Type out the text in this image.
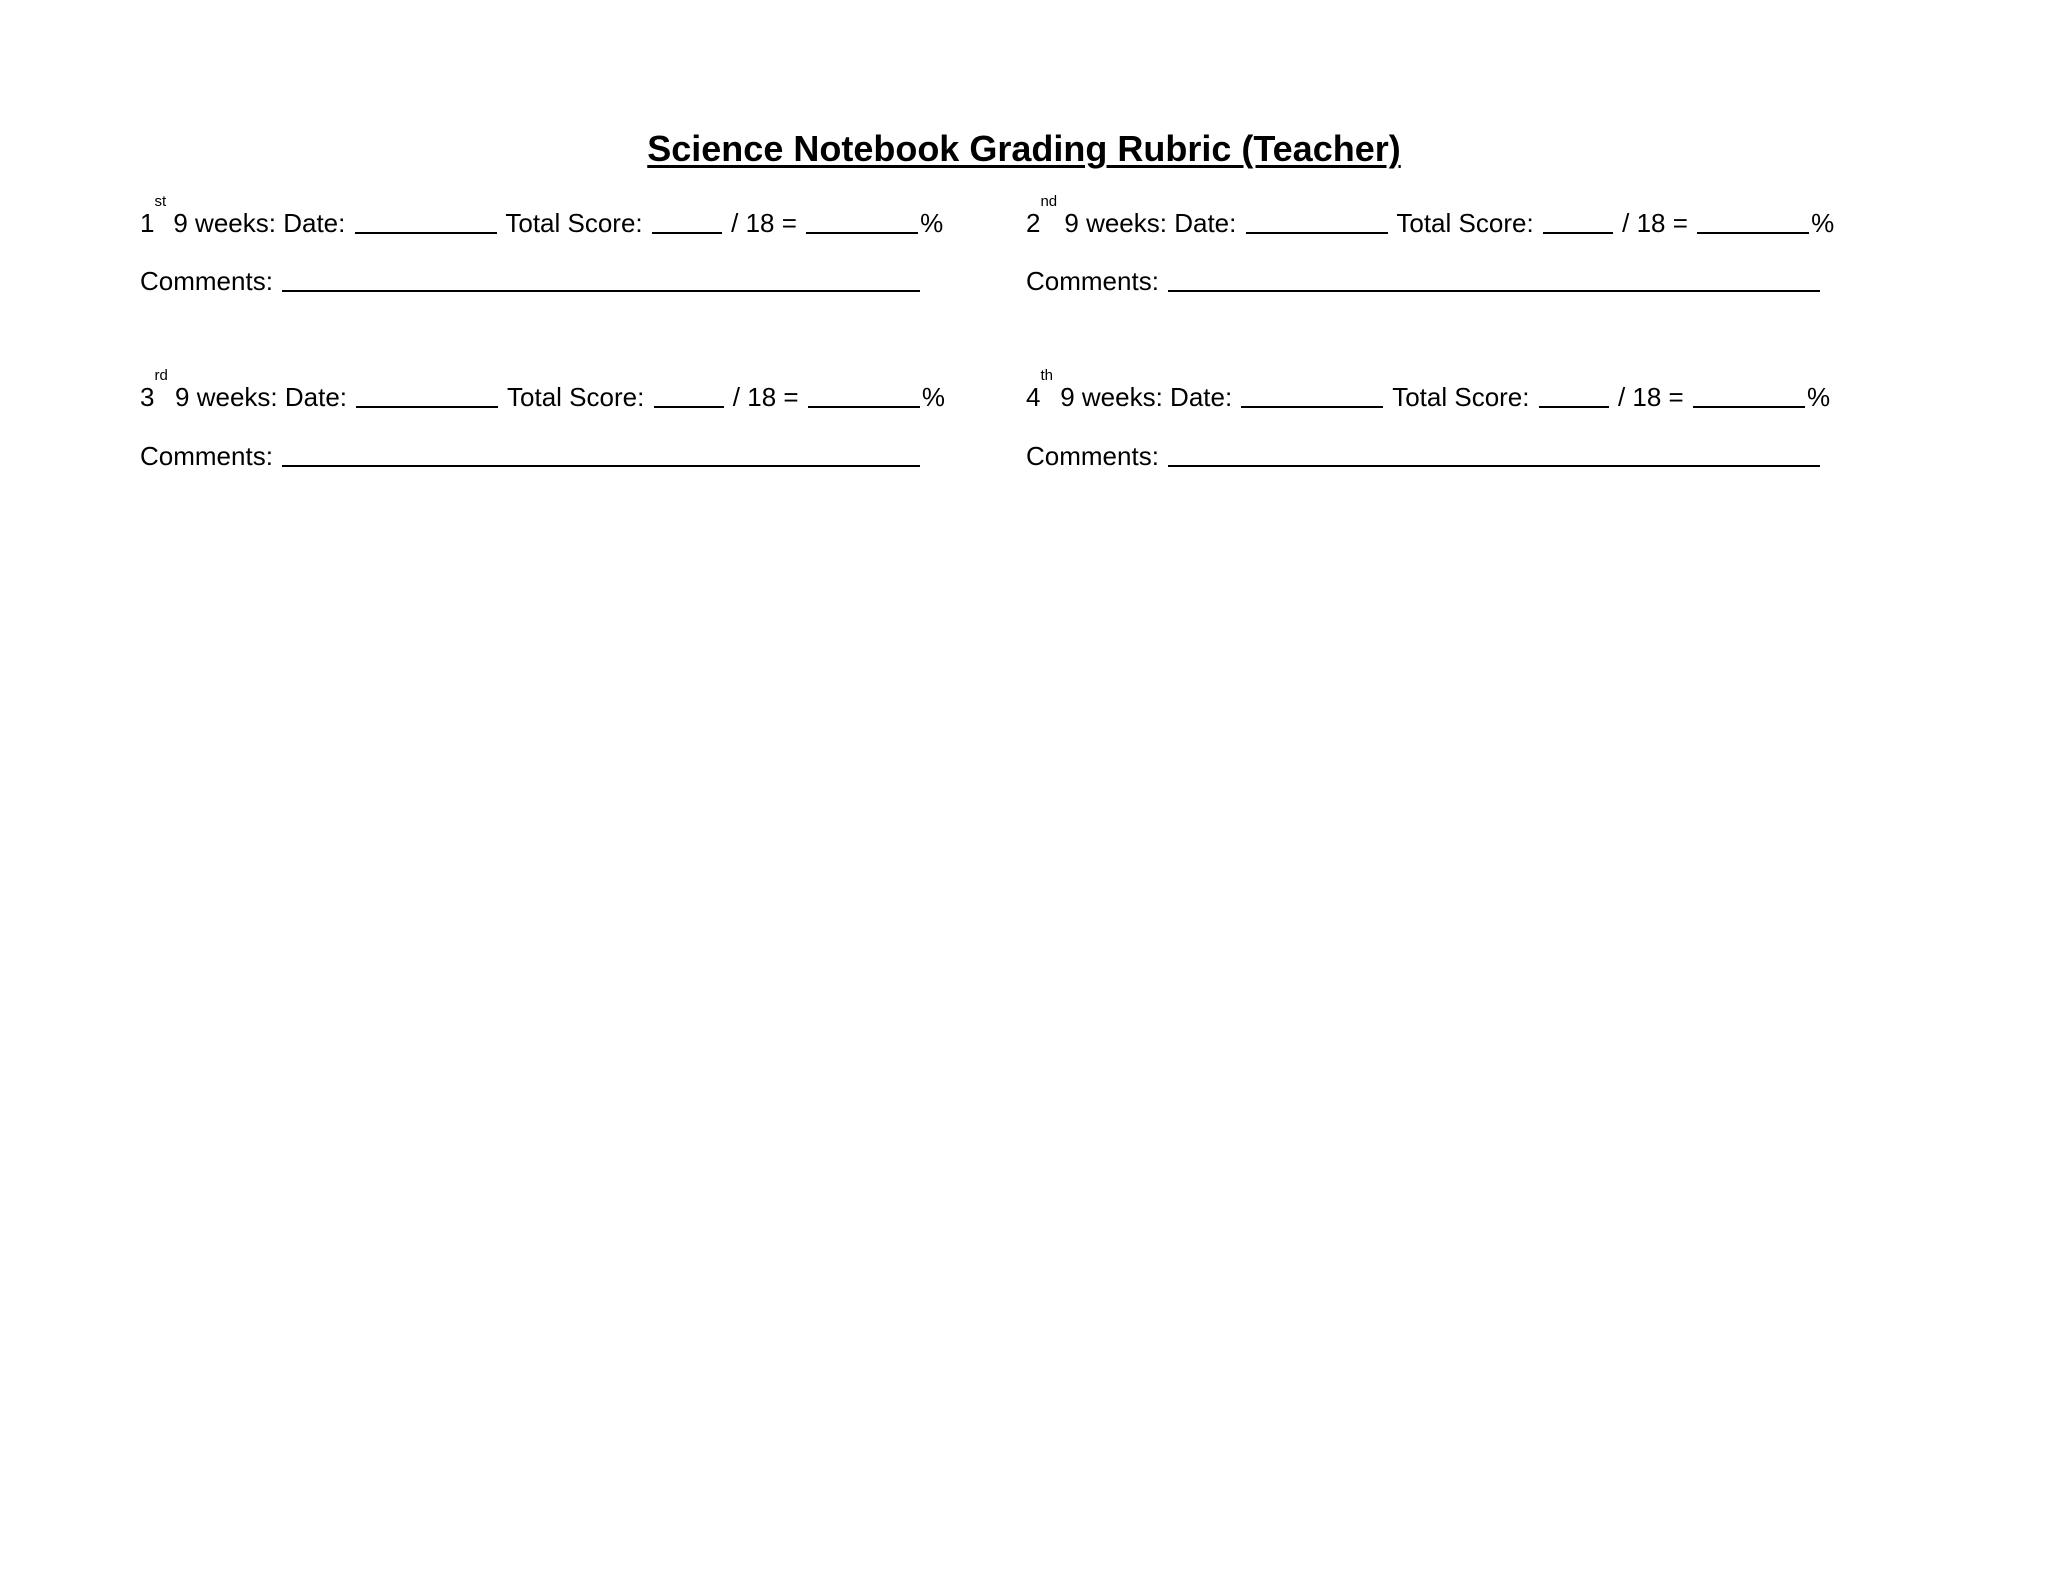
Science Notebook Grading Rubric (Teacher)
1st 9 weeks: Date:	Total Score:	/ 18 =	%
Comments:
2nd 9 weeks: Date:	Total Score:	/ 18 =	%
Comments:
3rd 9 weeks: Date:	Total Score:	/ 18 =	%
Comments:
4th 9 weeks: Date:	Total Score:	/ 18 =	%
Comments:
